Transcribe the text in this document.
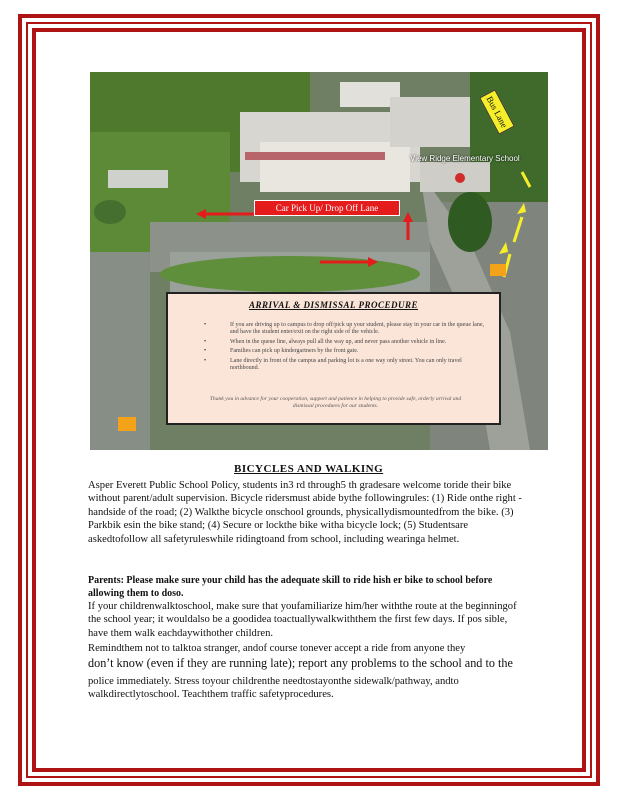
View Ridge Elementary School
Bus Lane
Car Pick Up/ Drop Off Lane
ARRIVAL & DISMISSAL PROCEDURE
• If you are driving up to campus to drop off/pick up your student, please stay in your car in the queue lane, and have the student enter/exit on the right side of the vehicle.
• When in the queue line, always pull all the way up, and never pass another vehicle in line.
• Families can pick up kindergartners by the front gate.
• Lane directly in front of the campus and parking lot is a one way only street. You can only travel northbound.
Thank you in advance for your cooperation, support and patience in helping to provide safe, orderly arrival and dismissal procedures for our students.
BICYCLES AND WALKING
Asper Everett Public School Policy, students in3 rd through5 th gradesare welcome toride their bike without parent/adult supervision. Bicycle ridersmust abide bythe followingrules: (1) Ride onthe right -handside of the road; (2) Walkthe bicycle onschool grounds, physicallydismountedfrom the bike. (3) Parkbik esin the bike stand; (4) Secure or lockthe bike witha bicycle lock; (5) Studentsare askedtofollow all safetyruleswhile ridingtoand from school, including wearinga helmet.
Parents: Please make sure your child has the adequate skill to ride hish er bike to school before allowing them to doso.
If your childrenwalktoschool, make sure that youfamiliarize him/her withthe route at the beginningof the school year; it wouldalso be a goodidea toactuallywalkwiththem the first few days. If pos sible, have them walk eachdaywithother children.
Remindthem not to talktoa stranger, andof course tonever accept a ride from anyone they
don’t know (even if they are running late); report any problems to the school and to the
police immediately. Stress toyour childrenthe needtostayonthe sidewalk/pathway, andto walkdirectlytoschool. Teachthem traffic safetyprocedures.
